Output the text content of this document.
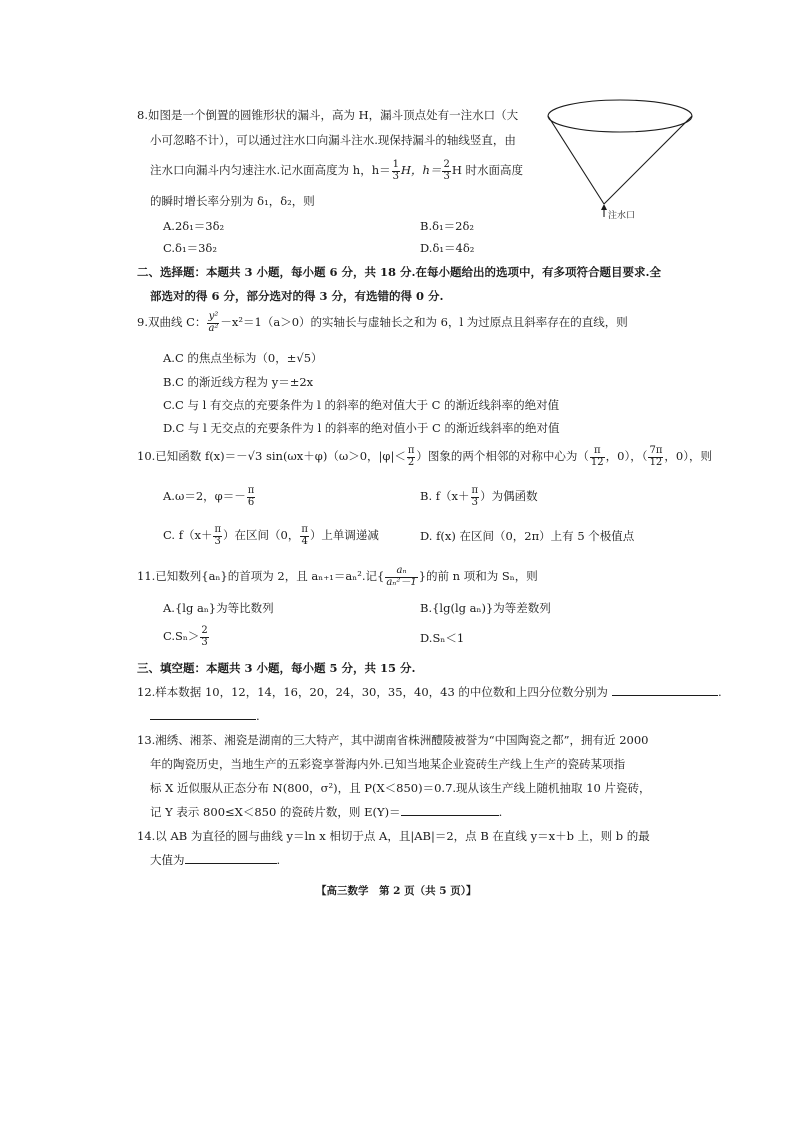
8.如图是一个倒置的圆锥形状的漏斗，高为 H，漏斗顶点处有一注水口（大
小可忽略不计），可以通过注水口向漏斗注水.现保持漏斗的轴线竖直，由
注水口向漏斗内匀速注水.记水面高度为 h，$h= \frac{1}{3}$ H，$h= \frac{2}{3}$ H 时水面高度
的瞬时增长率分别为 δ₁，δ₂，则
A.2δ₁＝3δ₂	B.δ₁＝2δ₂
C.δ₁＝3δ₂	D.δ₁＝4δ₂
注水口
二、选择题：本题共 3 小题，每小题 6 分，共 18 分.在每小题给出的选项中，有多项符合题目要求.全
部选对的得 6 分，部分选对的得 3 分，有选错的得 0 分.
9.双曲线 C： $\frac{\text{y²}}{\text{a²}} -x^2=1(a>0)$的实轴长与虚轴长之和为 6，l 为过原点且斜率存在的直线，则
A.C 的焦点坐标为（0，±√5）
B.C 的渐近线方程为 y＝±2x
C.C 与 l 有交点的充要条件为 l 的斜率的绝对值大于 C 的渐近线斜率的绝对值
D.C 与 l 无交点的充要条件为 l 的斜率的绝对值小于 C 的渐近线斜率的绝对值
10.已知函数 f(x)＝－√3 sin(ωx＋φ)（ω＞0，$|\varphi|< \frac{\pi}{2}$ ）图象的两个相邻的对称中心为（ $\frac{\pi}{12}$ ，0），（ $\frac{7\pi}{12}$ ，0），则
A.ω＝2，$\varphi=- \frac{\pi}{6}$	B. $f(x+ \frac{\pi}{3}$ ）为偶函数
C. $f(x+ \frac{\pi}{3}$ ）在区间（0， $\frac{\pi}{4}$ ）上单调递减	D. f(x) 在区间（0，2π）上有 5 个极值点
11.已知数列{aₙ}的首项为 2，且 aₙ₊₁＝aₙ².记{ $\frac{\text{aₙ}}{\text{aₙ²－1}}$ }的前 n 项和为 Sₙ，则
A.{lg aₙ}为等比数列	B.{lg(lg aₙ)}为等差数列
$C.S_n> \frac{2}{3}$	D.Sₙ＜1
三、填空题：本题共 3 小题，每小题 5 分，共 15 分.
12.样本数据 10，12，14，16，20，24，30，35，40，43 的中位数和上四分位数分别为	.
.
13.湘绣、湘茶、湘瓷是湖南的三大特产，其中湖南省株洲醴陵被誉为“中国陶瓷之都”，拥有近 2000
年的陶瓷历史，当地生产的五彩瓷享誉海内外.已知当地某企业瓷砖生产线上生产的瓷砖某项指
标 X 近似服从正态分布 N(800，σ²)，且 P(X＜850)＝0.7.现从该生产线上随机抽取 10 片瓷砖，
记 Y 表示 800≤X＜850 的瓷砖片数，则 E(Y)＝	.
14.以 AB 为直径的圆与曲线 y＝ln x 相切于点 A，且|AB|＝2，点 B 在直线 y＝x＋b 上，则 b 的最
大值为	.
【高三数学　第 2 页（共 5 页）】
